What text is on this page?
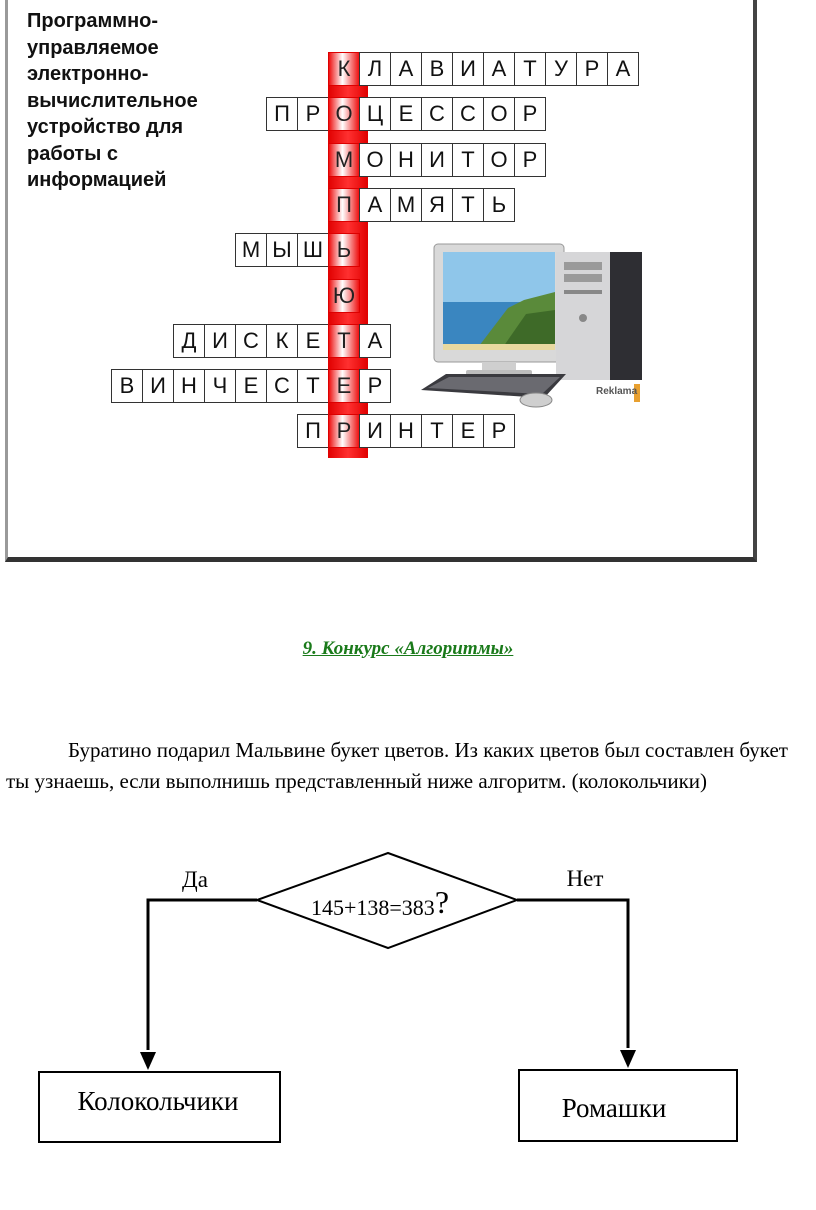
Программно-управляемое электронно-вычислительное устройство для работы с информацией
К Л А В И А Т У Р А
П Р О Ц Е С С О Р
М О Н И Т О Р
П А М Я Т Ь
М Ы Ш Ь
Ю
Д И С К Е Т А
В И Н Ч Е С Т Е Р
П Р И Н Т Е Р
Reklama
9. Конкурс «Алгоритмы»

Буратино подарил Мальвине букет цветов. Из каких цветов был составлен букет ты узнаешь, если выполнишь представленный ниже алгоритм. (колокольчики)

145+138=383?
Да	Нет
Колокольчики	Ромашки
